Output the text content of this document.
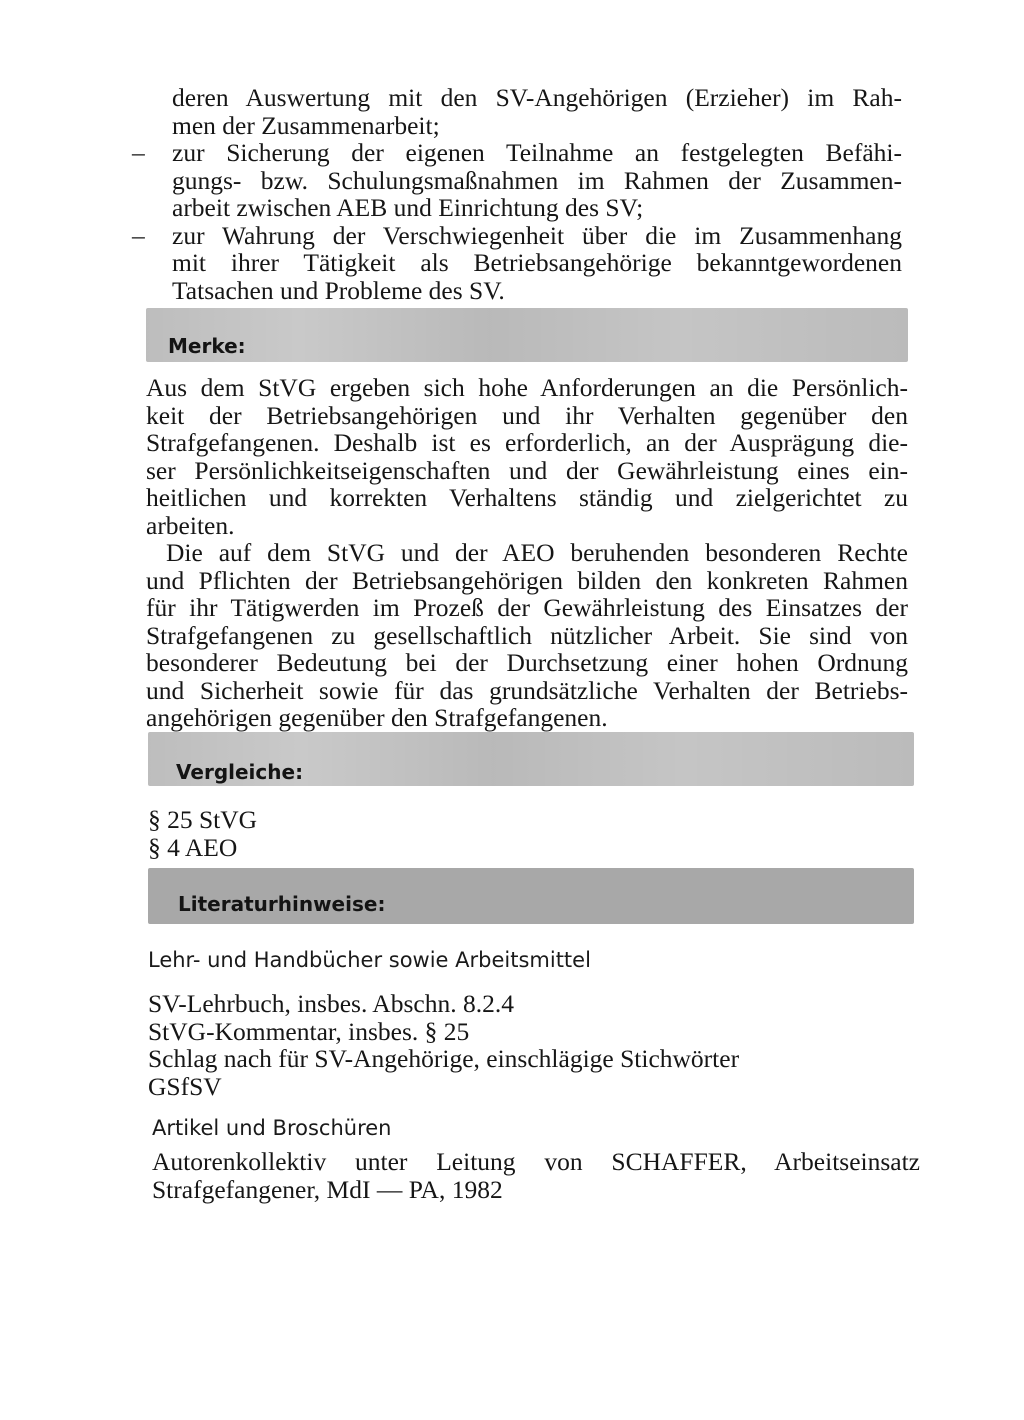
deren Auswertung mit den SV-Angehörigen (Erzieher) im Rah-
men der Zusammenarbeit;
– zur Sicherung der eigenen Teilnahme an festgelegten Befähi-
gungs- bzw. Schulungsmaßnahmen im Rahmen der Zusammen-
arbeit zwischen AEB und Einrichtung des SV;
– zur Wahrung der Verschwiegenheit über die im Zusammenhang
mit ihrer Tätigkeit als Betriebsangehörige bekanntgewordenen
Tatsachen und Probleme des SV.
Merke:
Aus dem StVG ergeben sich hohe Anforderungen an die Persönlich-
keit der Betriebsangehörigen und ihr Verhalten gegenüber den
Strafgefangenen. Deshalb ist es erforderlich, an der Ausprägung die-
ser Persönlichkeitseigenschaften und der Gewährleistung eines ein-
heitlichen und korrekten Verhaltens ständig und zielgerichtet zu
arbeiten.
Die auf dem StVG und der AEO beruhenden besonderen Rechte
und Pflichten der Betriebsangehörigen bilden den konkreten Rahmen
für ihr Tätigwerden im Prozeß der Gewährleistung des Einsatzes der
Strafgefangenen zu gesellschaftlich nützlicher Arbeit. Sie sind von
besonderer Bedeutung bei der Durchsetzung einer hohen Ordnung
und Sicherheit sowie für das grundsätzliche Verhalten der Betriebs-
angehörigen gegenüber den Strafgefangenen.
Vergleiche:
§ 25 StVG
§ 4 AEO
Literaturhinweise:
Lehr- und Handbücher sowie Arbeitsmittel
SV-Lehrbuch, insbes. Abschn. 8.2.4
StVG-Kommentar, insbes. § 25
Schlag nach für SV-Angehörige, einschlägige Stichwörter
GSfSV
Artikel und Broschüren
Autorenkollektiv unter Leitung von SCHAFFER, Arbeitseinsatz
Strafgefangener, MdI — PA, 1982
